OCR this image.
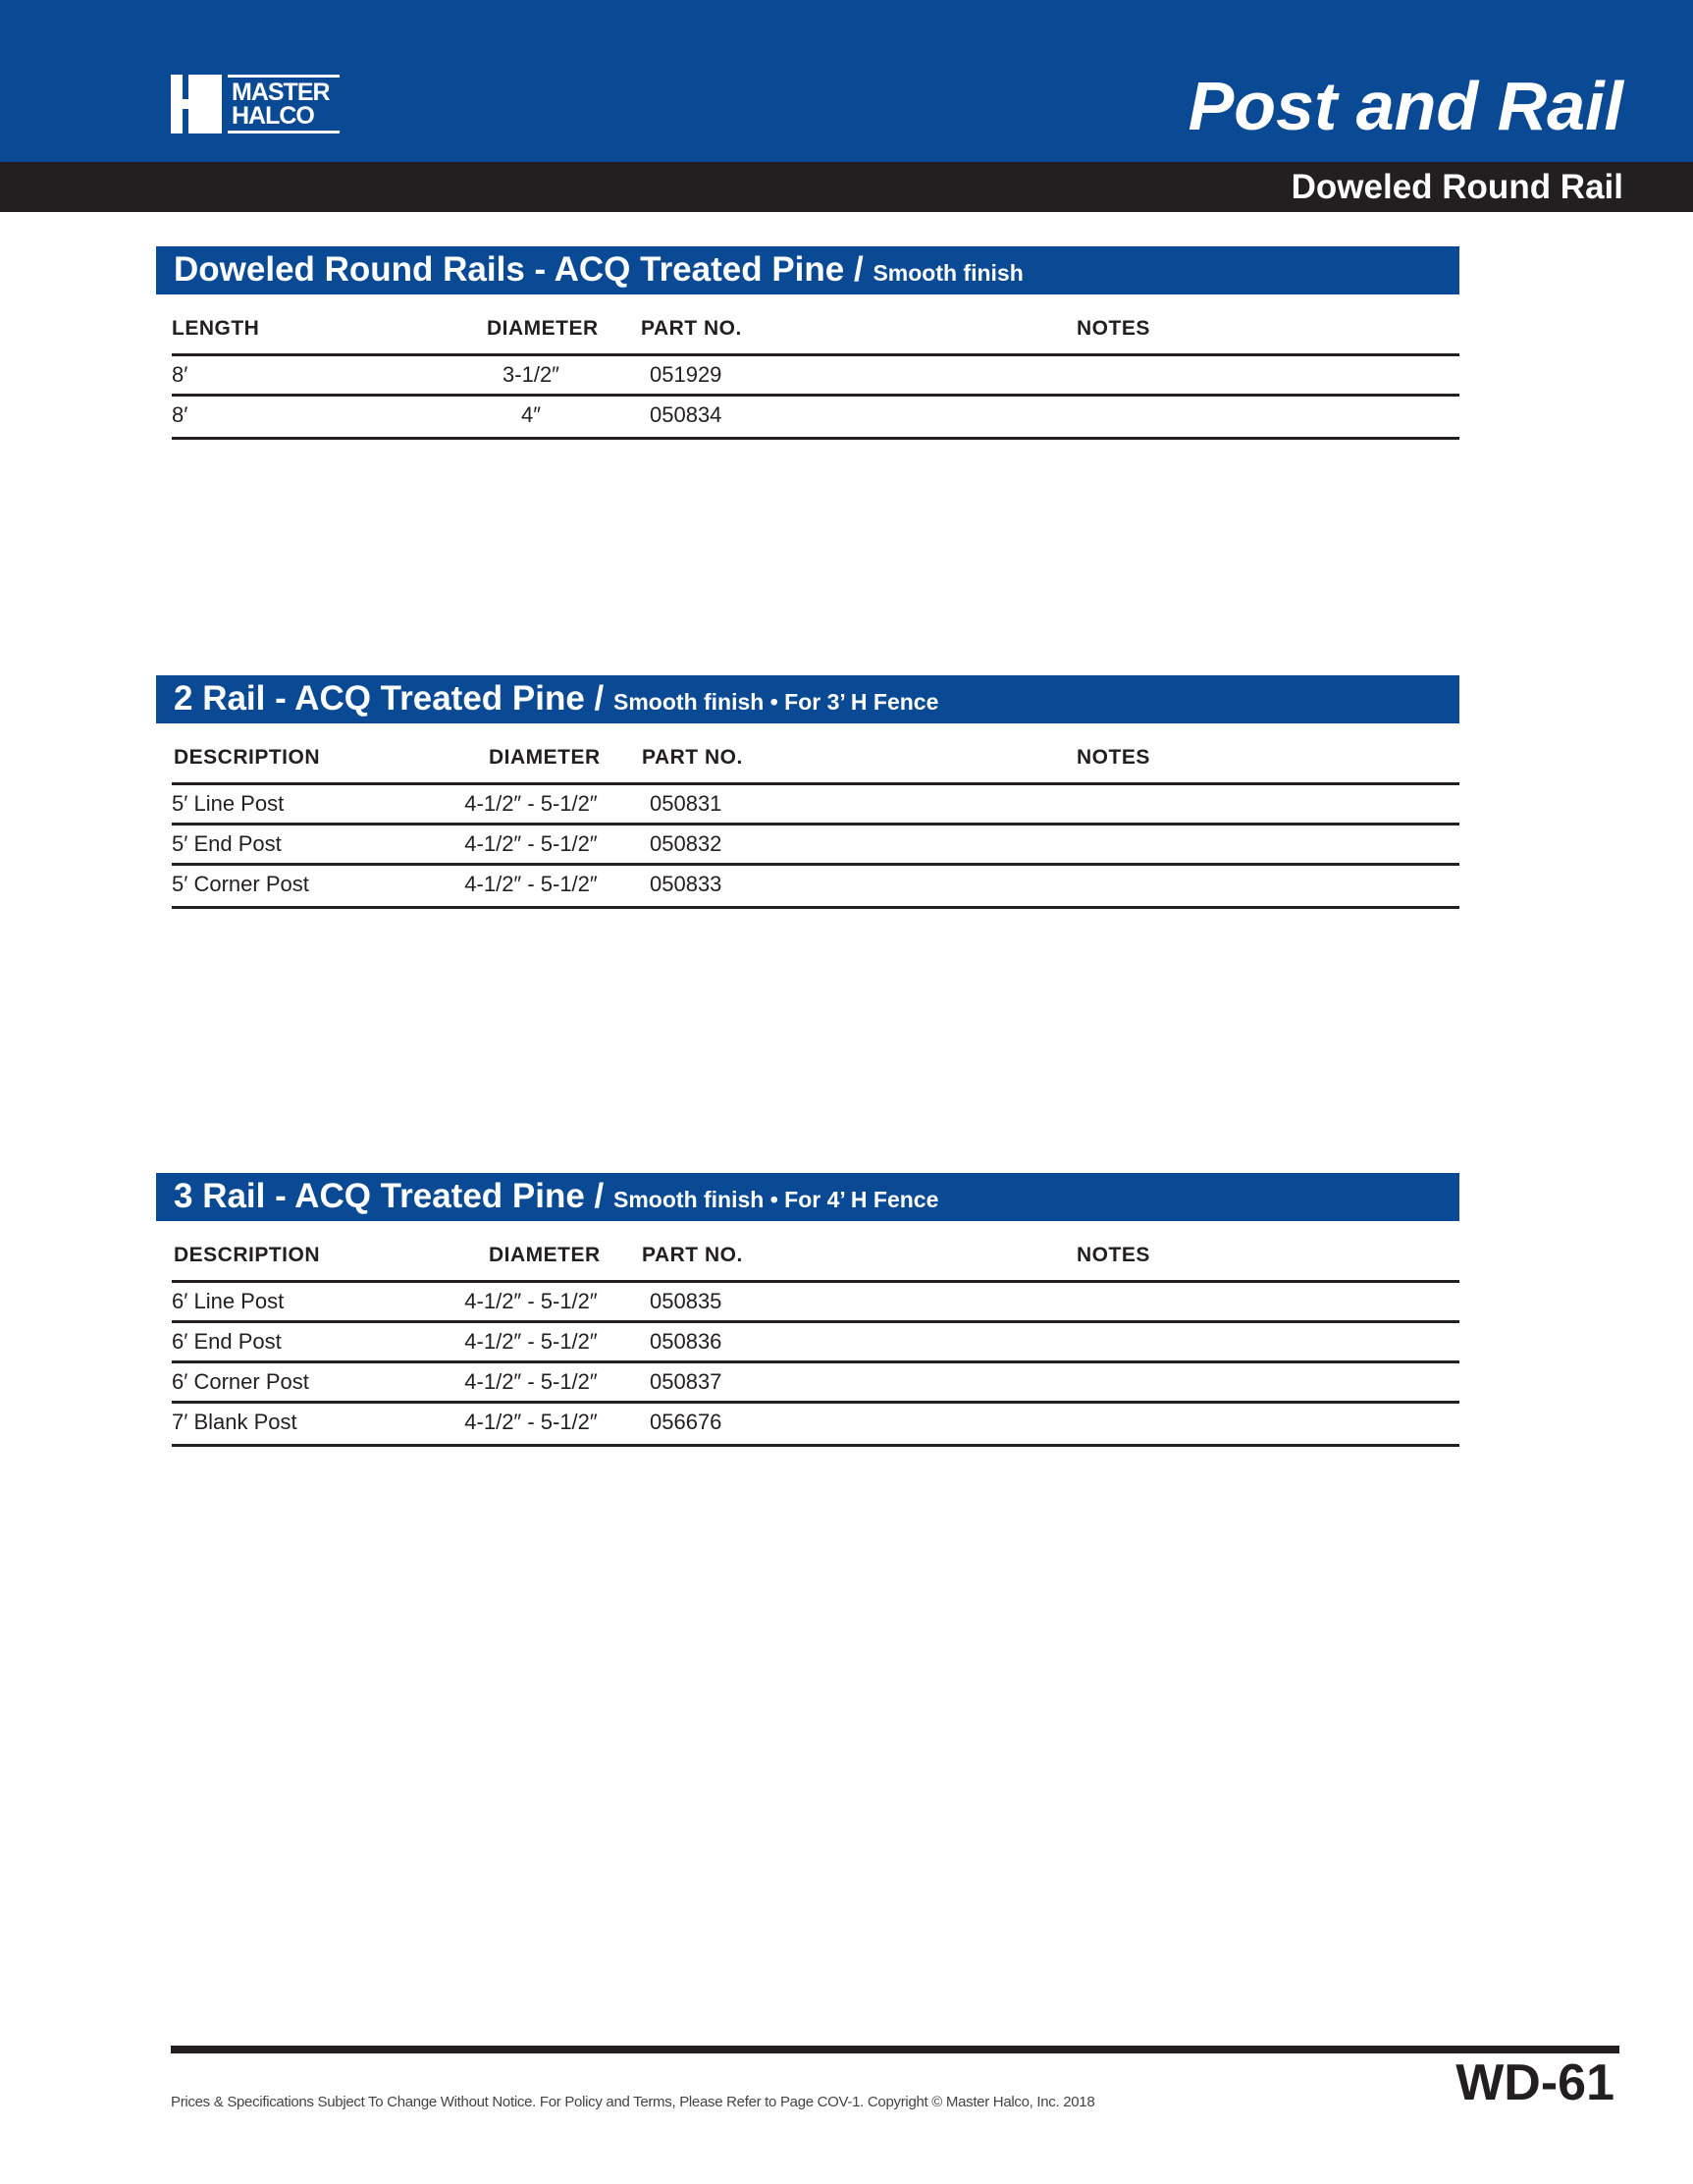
MASTER
HALCO	Post and Rail
Doweled Round Rail
Doweled Round Rails - ACQ Treated Pine / Smooth finish
LENGTH	DIAMETER PART NO.	NOTES
8′	3-1/2″	051929
8′	4″	050834
2 Rail - ACQ Treated Pine / Smooth finish • For 3’ H Fence
DESCRIPTION	DIAMETER PART NO.	NOTES
5′ Line Post	4-1/2″ - 5-1/2″	050831
5′ End Post	4-1/2″ - 5-1/2″	050832
5′ Corner Post	4-1/2″ - 5-1/2″	050833
3 Rail - ACQ Treated Pine / Smooth finish • For 4’ H Fence
DESCRIPTION	DIAMETER PART NO.	NOTES
6′ Line Post	4-1/2″ - 5-1/2″	050835
6′ End Post	4-1/2″ - 5-1/2″	050836
6′ Corner Post	4-1/2″ - 5-1/2″	050837
7′ Blank Post	4-1/2″ - 5-1/2″	056676
Prices & Specifications Subject To Change Without Notice. For Policy and Terms, Please Refer to Page COV-1. Copyright © Master Halco, Inc. 2018	WD-61
